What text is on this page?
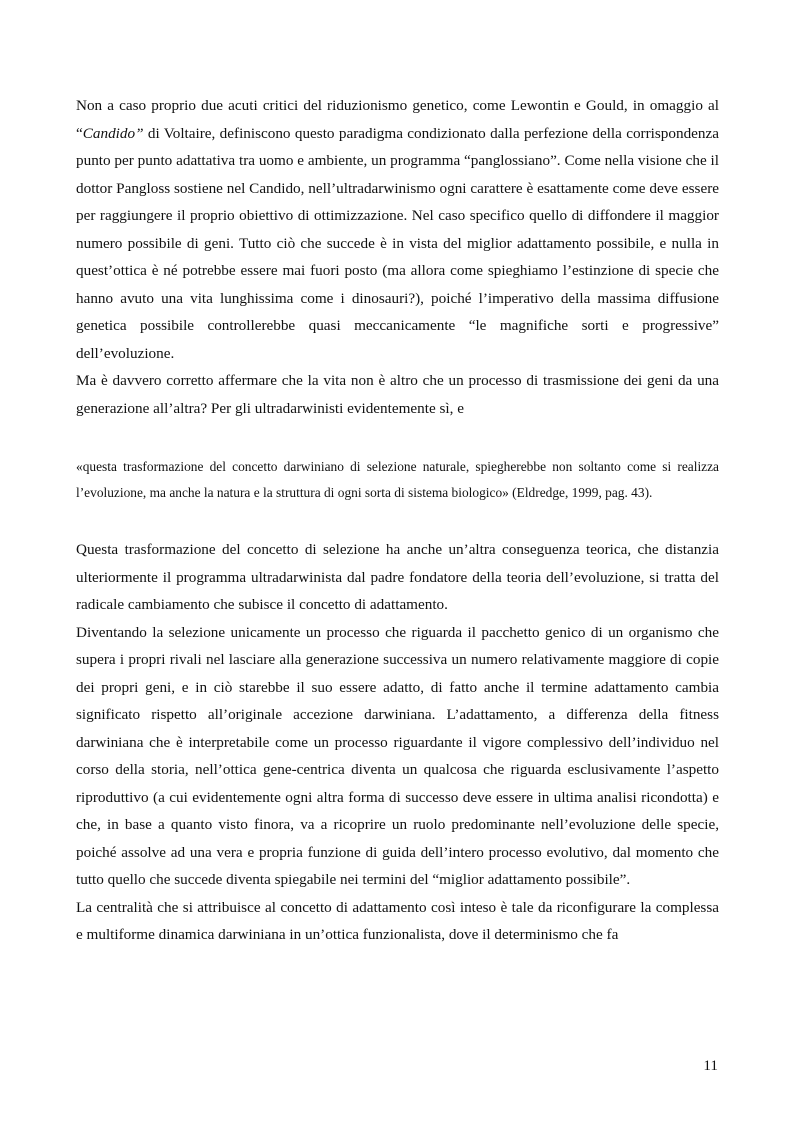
Non a caso proprio due acuti critici del riduzionismo genetico, come Lewontin e Gould, in omaggio al “Candido” di Voltaire, definiscono questo paradigma condizionato dalla perfezione della corrispondenza punto per punto adattativa tra uomo e ambiente, un programma “panglossiano”. Come nella visione che il dottor Pangloss sostiene nel Candido, nell’ultradarwinismo ogni carattere è esattamente come deve essere per raggiungere il proprio obiettivo di ottimizzazione. Nel caso specifico quello di diffondere il maggior numero possibile di geni. Tutto ciò che succede è in vista del miglior adattamento possibile, e nulla in quest’ottica è né potrebbe essere mai fuori posto (ma allora come spieghiamo l’estinzione di specie che hanno avuto una vita lunghissima come i dinosauri?), poiché l’imperativo della massima diffusione genetica possibile controllerebbe quasi meccanicamente “le magnifiche sorti e progressive” dell’evoluzione.

Ma è davvero corretto affermare che la vita non è altro che un processo di trasmissione dei geni da una generazione all’altra? Per gli ultradarwinisti evidentemente sì, e

«questa trasformazione del concetto darwiniano di selezione naturale, spiegherebbe non soltanto come si realizza l’evoluzione, ma anche la natura e la struttura di ogni sorta di sistema biologico» (Eldredge, 1999, pag. 43).

Questa trasformazione del concetto di selezione ha anche un’altra conseguenza teorica, che distanzia ulteriormente il programma ultradarwinista dal padre fondatore della teoria dell’evoluzione, si tratta del radicale cambiamento che subisce il concetto di adattamento.

Diventando la selezione unicamente un processo che riguarda il pacchetto genico di un organismo che supera i propri rivali nel lasciare alla generazione successiva un numero relativamente maggiore di copie dei propri geni, e in ciò starebbe il suo essere adatto, di fatto anche il termine adattamento cambia significato rispetto all’originale accezione darwiniana. L’adattamento, a differenza della fitness darwiniana che è interpretabile come un processo riguardante il vigore complessivo dell’individuo nel corso della storia, nell’ottica gene-centrica diventa un qualcosa che riguarda esclusivamente l’aspetto riproduttivo (a cui evidentemente ogni altra forma di successo deve essere in ultima analisi ricondotta) e che, in base a quanto visto finora, va a ricoprire un ruolo predominante nell’evoluzione delle specie, poiché assolve ad una vera e propria funzione di guida dell’intero processo evolutivo, dal momento che tutto quello che succede diventa spiegabile nei termini del “miglior adattamento possibile”.

La centralità che si attribuisce al concetto di adattamento così inteso è tale da riconfigurare la complessa e multiforme dinamica darwiniana in un’ottica funzionalista, dove il determinismo che fa

11
